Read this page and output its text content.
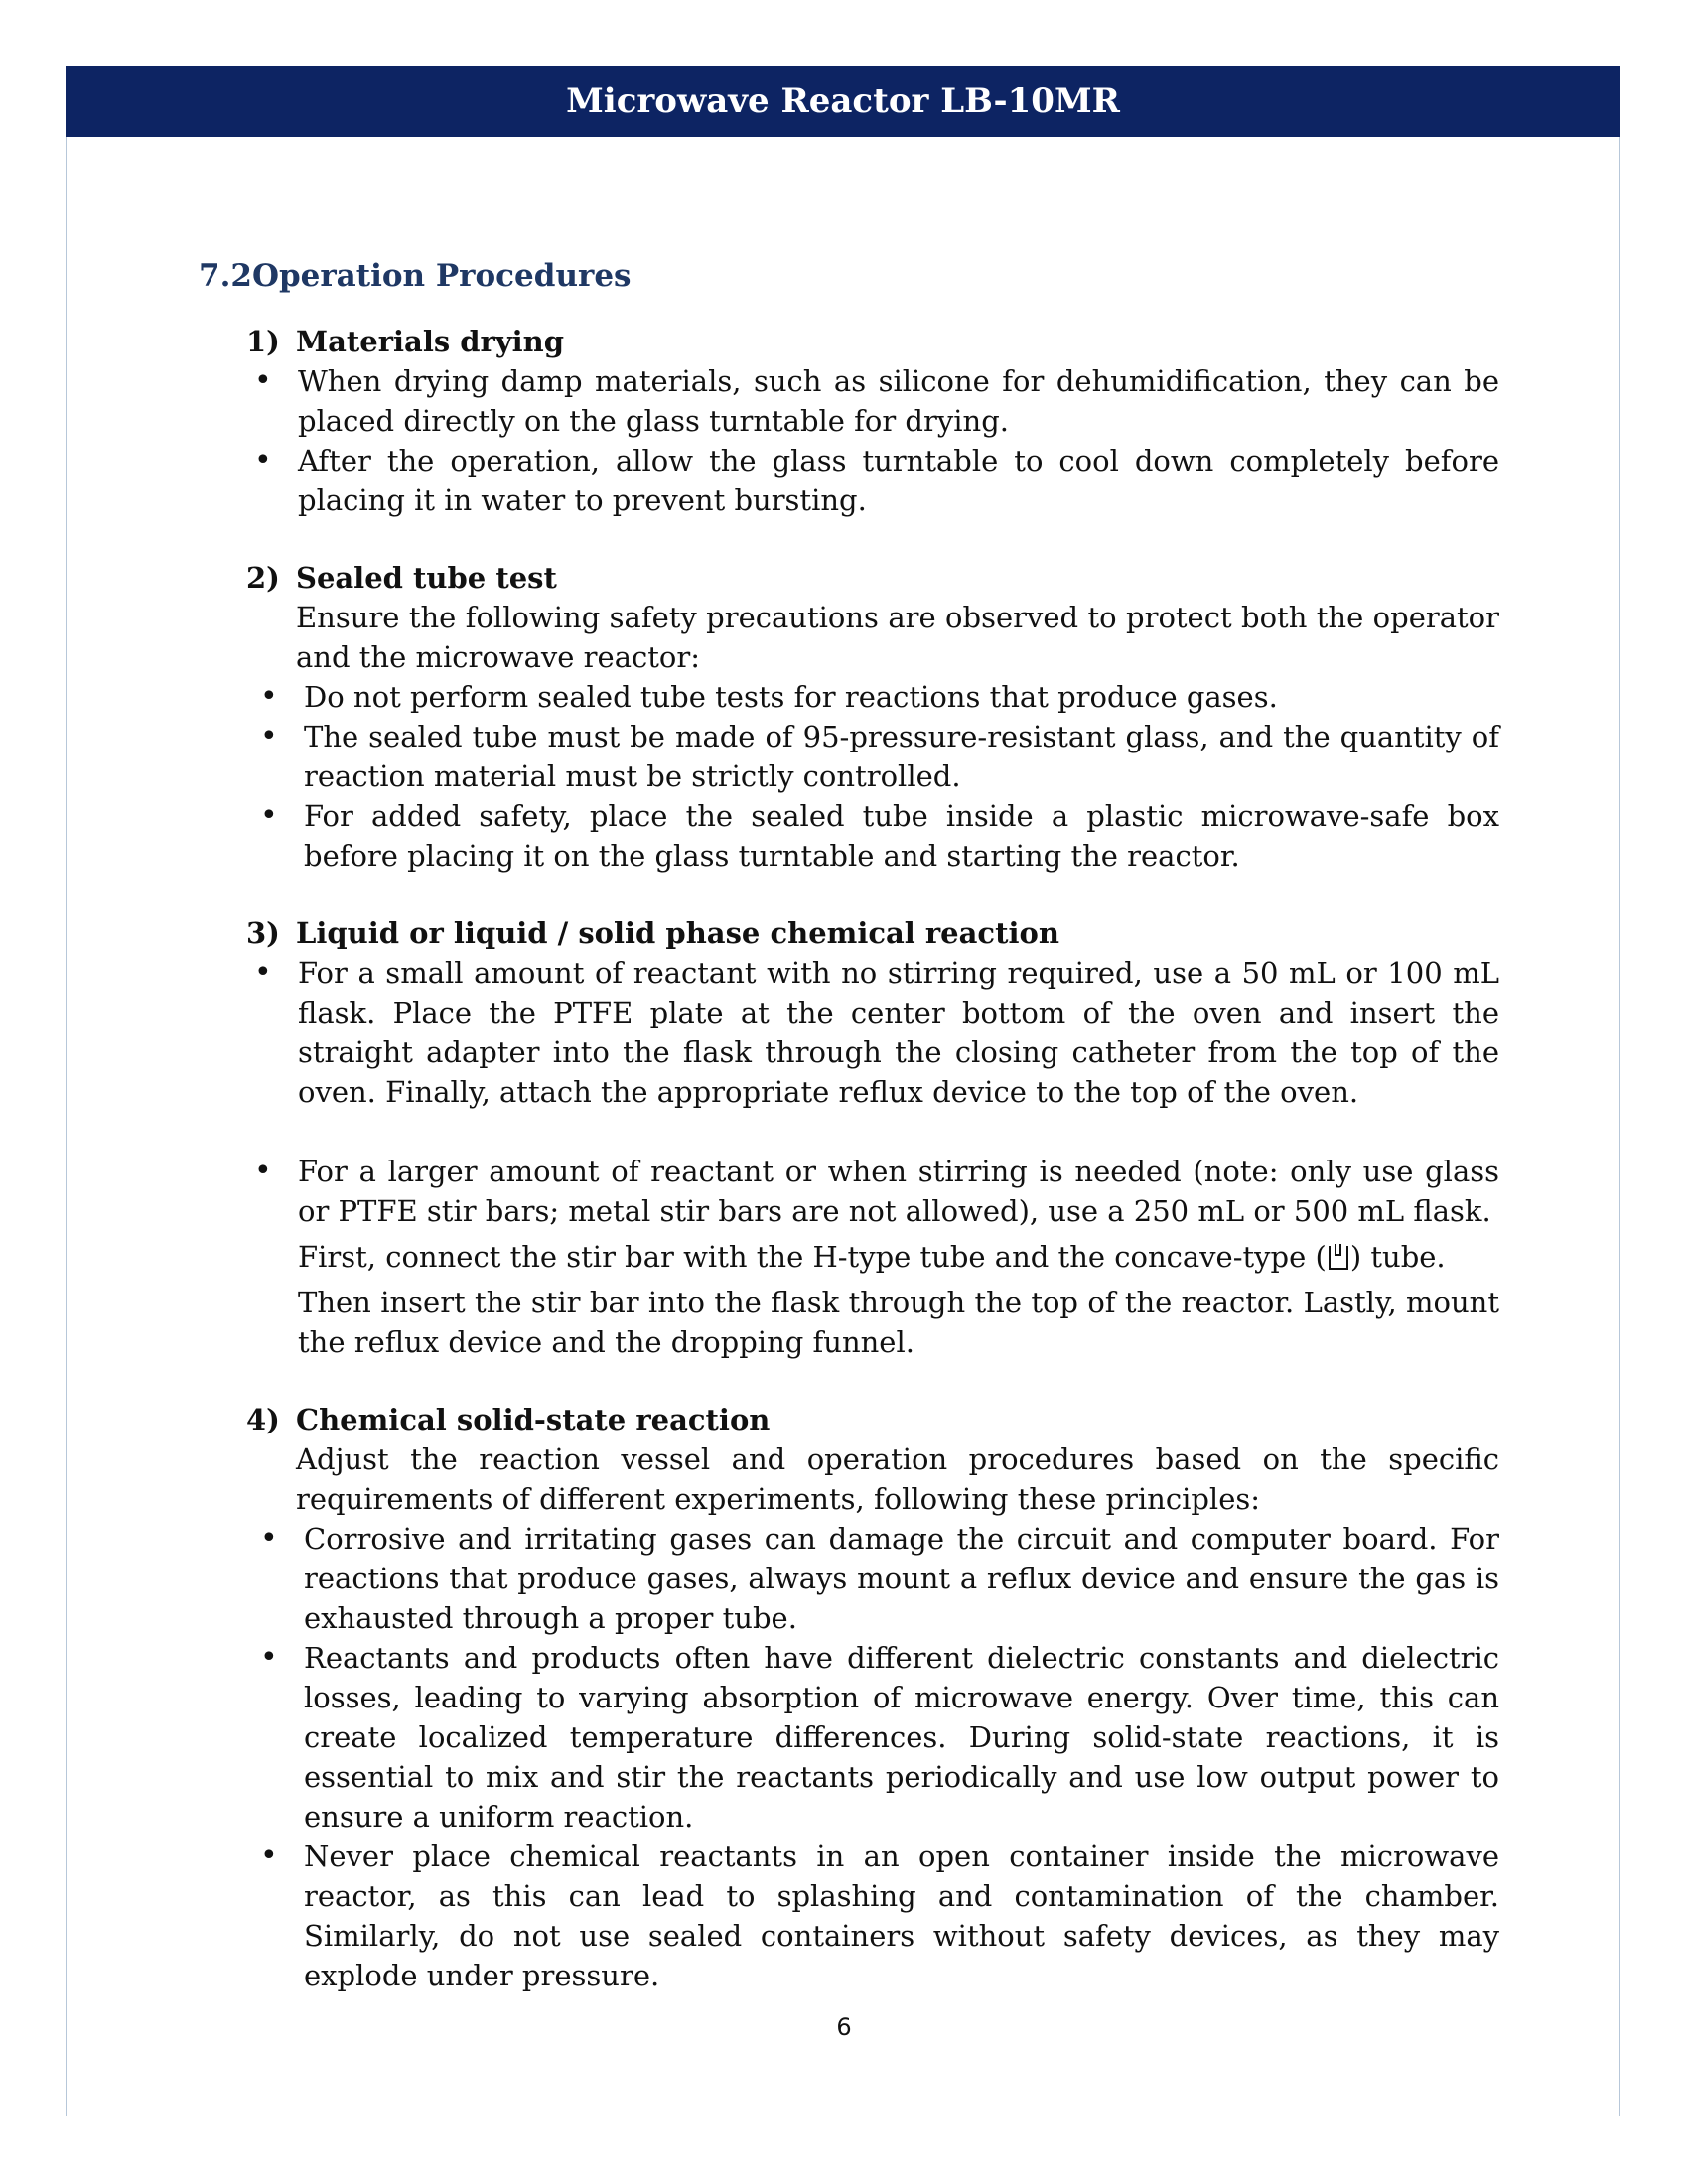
Microwave Reactor LB-10MR
7.2Operation Procedures
1) Materials drying
• When drying damp materials, such as silicone for dehumidification, they can be placed directly on the glass turntable for drying.
• After the operation, allow the glass turntable to cool down completely before placing it in water to prevent bursting.
2) Sealed tube test
Ensure the following safety precautions are observed to protect both the operator and the microwave reactor:
• Do not perform sealed tube tests for reactions that produce gases.
• The sealed tube must be made of 95-pressure-resistant glass, and the quantity of reaction material must be strictly controlled.
• For added safety, place the sealed tube inside a plastic microwave-safe box before placing it on the glass turntable and starting the reactor.
3) Liquid or liquid / solid phase chemical reaction
• For a small amount of reactant with no stirring required, use a 50 mL or 100 mL flask. Place the PTFE plate at the center bottom of the oven and insert the straight adapter into the flask through the closing catheter from the top of the oven. Finally, attach the appropriate reflux device to the top of the oven.
• For a larger amount of reactant or when stirring is needed (note: only use glass or PTFE stir bars; metal stir bars are not allowed), use a 250 mL or 500 mL flask.
First, connect the stir bar with the H-type tube and the concave-type ( ) tube.
Then insert the stir bar into the flask through the top of the reactor. Lastly, mount the reflux device and the dropping funnel.
4) Chemical solid-state reaction
Adjust the reaction vessel and operation procedures based on the specific requirements of different experiments, following these principles:
• Corrosive and irritating gases can damage the circuit and computer board. For reactions that produce gases, always mount a reflux device and ensure the gas is exhausted through a proper tube.
• Reactants and products often have different dielectric constants and dielectric losses, leading to varying absorption of microwave energy. Over time, this can create localized temperature differences. During solid-state reactions, it is essential to mix and stir the reactants periodically and use low output power to ensure a uniform reaction.
• Never place chemical reactants in an open container inside the microwave reactor, as this can lead to splashing and contamination of the chamber. Similarly, do not use sealed containers without safety devices, as they may explode under pressure.
6
